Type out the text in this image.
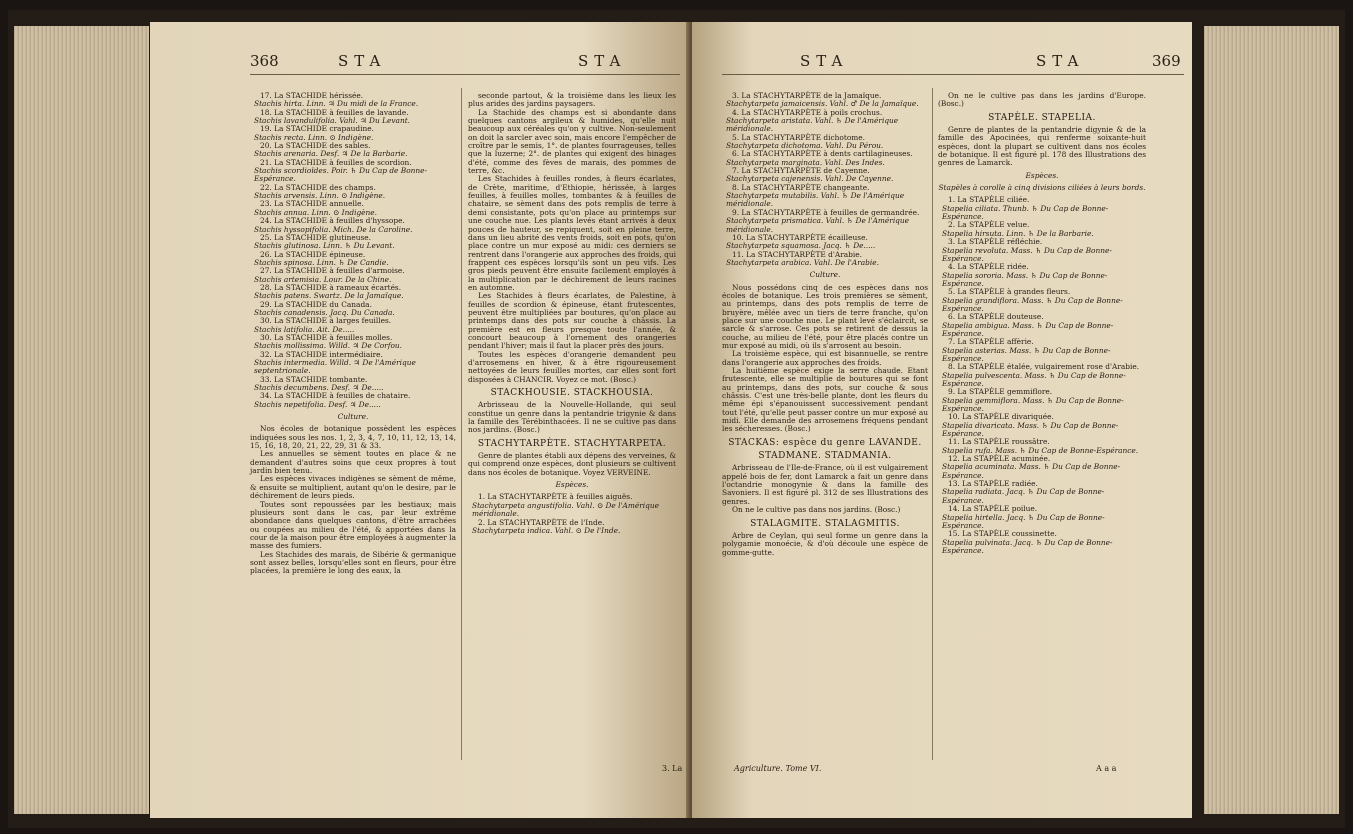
368	STA	STA

17. La STACHIDE hérissée.

Stachis hirta. Linn. ♃ Du midi de la France.

18. La STACHIDE à feuilles de lavande.

Stachis lavandulifolia. Vahl. ♃ Du Levant.

19. La STACHIDE crapaudine.

Stachis recta. Linn. ⊙ Indigène.

20. La STACHIDE des sables.

Stachis arenaria. Desf. ♃ De la Barbarie.

21. La STACHIDE à feuilles de scordion.

Stachis scordioïdes. Poir. ♄ Du Cap de Bonne-Espérance.

22. La STACHIDE des champs.

Stachis arvensis. Linn. ⊙ Indigène.

23. La STACHIDE annuelle.

Stachis annua. Linn. ⊙ Indigène.

24. La STACHIDE à feuilles d'hyssope.

Stachis hyssopifolia. Mich. De la Caroline.

25. La STACHIDE glutineuse.

Stachis glutinosa. Linn. ♄ Du Levant.

26. La STACHIDE épineuse.

Stachis spinosa. Linn. ♄ De Candie.

27. La STACHIDE à feuilles d'armoise.

Stachis artemisia. Lour. De la Chine.

28. La STACHIDE à rameaux écartés.

Stachis patens. Swartz. De la Jamaïque.

29. La STACHIDE du Canada.

Stachis canadensis. Jacq. Du Canada.

30. La STACHIDE à larges feuilles.

Stachis latifolia. Ait. De.....

30. La STACHIDE à feuilles molles.

Stachis mollissima. Willd. ♃ De Corfou.

32. La STACHIDE intermédiaire.

Stachis intermedia. Willd. ♃ De l'Amérique septentrionale.

33. La STACHIDE tombante.

Stachis decumbens. Desf. ♃ De.....

34. La STACHIDE à feuilles de chataire.

Stachis nepetifolia. Desf. ♃ De.....

Culture.

Nos écoles de botanique possèdent les espèces indiquées sous les nos. 1, 2, 3, 4, 7, 10, 11, 12, 13, 14, 15, 16, 18, 20, 21, 22, 29, 31 & 33.

Les annuelles se sèment toutes en place & ne demandent d'autres soins que ceux propres à tout jardin bien tenu.

Les espèces vivaces indigènes se sèment de même, & ensuite se multiplient, autant qu'on le desire, par le déchirement de leurs pieds.

Toutes sont repoussées par les bestiaux; mais plusieurs sont dans le cas, par leur extrême abondance dans quelques cantons, d'être arrachées ou coupées au milieu de l'été, & apportées dans la cour de la maison pour être employées à augmenter la masse des fumiers.

Les Stachides des marais, de Sibérie & germanique sont assez belles, lorsqu'elles sont en fleurs, pour être placées, la première le long des eaux, la

seconde partout, & la troisième dans les lieux les plus arides des jardins paysagers.

La Stachide des champs est si abondante dans quelques cantons argileux & humides, qu'elle nuit beaucoup aux céréales qu'on y cultive. Non-seulement on doit la sarcler avec soin, mais encore l'empêcher de croître par le semis, 1°. de plantes fourrageuses, telles que la luzerne; 2°. de plantes qui exigent des binages d'été, comme des fèves de marais, des pommes de terre, &c.

Les Stachides à feuilles rondes, à fleurs écarlates, de Crète, maritime, d'Ethiopie, hérissée, à larges feuilles, à feuilles molles, tombantes & à feuilles de chataire, se sèment dans des pots remplis de terre à demi consistante, pots qu'on place au printemps sur une couche nue. Les plants levés étant arrivés à deux pouces de hauteur, se repiquent, soit en pleine terre, dans un lieu abrité des vents froids, soit en pots, qu'on place contre un mur exposé au midi: ces derniers se rentrent dans l'orangerie aux approches des froids, qui frappent ces espèces lorsqu'ils sont un peu vifs. Les gros pieds peuvent être ensuite facilement employés à la multiplication par le déchirement de leurs racines en automne.

Les Stachides à fleurs écarlates, de Palestine, à feuilles de scordion & épineuse, étant frutescentes, peuvent être multipliées par boutures, qu'on place au printemps dans des pots sur couche à châssis. La première est en fleurs presque toute l'année, & concourt beaucoup à l'ornement des orangeries pendant l'hiver; mais il faut la placer près des jours.

Toutes les espèces d'orangerie demandent peu d'arrosemens en hiver, & à être rigoureusement nettoyées de leurs feuilles mortes, car elles sont fort disposées à CHANCIR. Voyez ce mot. (Bosc.)

STACKHOUSIE. STACKHOUSIA.

Arbrisseau de la Nouvelle-Hollande, qui seul constitue un genre dans la pentandrie trigynie & dans la famille des Térébinthacées. Il ne se cultive pas dans nos jardins. (Bosc.)

STACHYTARPÈTE. STACHYTARPETA.

Genre de plantes établi aux dépens des verveines, & qui comprend onze espèces, dont plusieurs se cultivent dans nos écoles de botanique. Voyez VERVEINE.

Espèces.

1. La STACHYTARPÈTE à feuilles aiguës.

Stachytarpeta angustifolia. Vahl. ⊙ De l'Amérique méridionale.

2. La STACHYTARPÈTE de l'Inde.

Stachytarpeta indica. Vahl. ⊙ De l'Inde.

3. La
STA	STA	369

3. La STACHYTARPÈTE de la Jamaïque.

Stachytarpeta jamaicensis. Vahl. ♂ De la Jamaïque.

4. La STACHYTARPÈTE à poils crochus.

Stachytarpeta aristata. Vahl. ♄ De l'Amérique méridionale.

5. La STACHYTARPÈTE dichotome.

Stachytarpeta dichotoma. Vahl. Du Pérou.

6. La STACHYTARPÈTE à dents cartilagineuses.

Stachytarpeta marginata. Vahl. Des Indes.

7. La STACHYTARPÈTE de Cayenne.

Stachytarpeta cajenensis. Vahl. De Cayenne.

8. La STACHYTARPÈTE changeante.

Stachytarpeta mutabilis. Vahl. ♄ De l'Amérique méridionale.

9. La STACHYTARPÈTE à feuilles de germandrée.

Stachytarpeta prismatica. Vahl. ♄ De l'Amérique méridionale.

10. La STACHYTARPÈTE écailleuse.

Stachytarpeta squamosa. Jacq. ♄ De.....

11. La STACHYTARPÈTE d'Arabie.

Stachytarpeta arabica. Vahl. De l'Arabie.

Culture.

Nous possédons cinq de ces espèces dans nos écoles de botanique. Les trois premières se sèment, au printemps, dans des pots remplis de terre de bruyère, mêlée avec un tiers de terre franche, qu'on place sur une couche nue. Le plant levé s'éclaircit, se sarcle & s'arrose. Ces pots se retirent de dessus la couche, au milieu de l'été, pour être placés contre un mur exposé au midi, où ils s'arrosent au besoin.

La troisième espèce, qui est bisannuelle, se rentre dans l'orangerie aux approches des froids.

La huitième espèce exige la serre chaude. Etant frutescente, elle se multiplie de boutures qui se font au printemps, dans des pots, sur couche & sous châssis. C'est une très-belle plante, dont les fleurs du même épi s'épanouissent successivement pendant tout l'été, qu'elle peut passer contre un mur exposé au midi. Elle demande des arrosemens fréquens pendant les sécheresses. (Bosc.)

STACKAS: espèce du genre LAVANDE.

STADMANE. STADMANIA.

Arbrisseau de l'Ile-de-France, où il est vulgairement appelé bois de fer, dont Lamarck a fait un genre dans l'octandrie monogynie & dans la famille des Savoniers. Il est figuré pl. 312 de ses Illustrations des genres.

On ne le cultive pas dans nos jardins. (Bosc.)

STALAGMITE. STALAGMITIS.

Arbre de Ceylan, qui seul forme un genre dans la polygamie monoécie, & d'où découle une espèce de gomme-gutte.

On ne le cultive pas dans les jardins d'Europe. (Bosc.)

STAPÈLE. STAPELIA.

Genre de plantes de la pentandrie digynie & de la famille des Apocinées, qui renferme soixante-huit espèces, dont la plupart se cultivent dans nos écoles de botanique. Il est figuré pl. 178 des Illustrations des genres de Lamarck.

Espèces.

Stapèles à corolle à cinq divisions ciliées à leurs bords.

1. La STAPÈLE ciliée.

Stapelia ciliata. Thunb. ♄ Du Cap de Bonne-Espérance.

2. La STAPÈLE velue.

Stapelia hirsuta. Linn. ♄ De la Barbarie.

3. La STAPÈLE réfléchie.

Stapelia revoluta. Mass. ♄ Du Cap de Bonne-Espérance.

4. La STAPÈLE ridée.

Stapelia sororia. Mass. ♄ Du Cap de Bonne-Espérance.

5. La STAPÈLE à grandes fleurs.

Stapelia grandiflora. Mass. ♄ Du Cap de Bonne-Espérance.

6. La STAPÈLE douteuse.

Stapelia ambigua. Mass. ♄ Du Cap de Bonne-Espérance.

7. La STAPÈLE affèrie.

Stapelia asterias. Mass. ♄ Du Cap de Bonne-Espérance.

8. La STAPÈLE étalée, vulgairement rose d'Arabie.

Stapelia pulvescenta. Mass. ♄ Du Cap de Bonne-Espérance.

9. La STAPÈLE gemmiflore.

Stapelia gemmiflora. Mass. ♄ Du Cap de Bonne-Espérance.

10. La STAPÈLE divariquée.

Stapelia divaricata. Mass. ♄ Du Cap de Bonne-Espérance.

11. La STAPÈLE roussâtre.

Stapelia rufa. Mass. ♄ Du Cap de Bonne-Espérance.

12. La STAPÈLE acuminée.

Stapelia acuminata. Mass. ♄ Du Cap de Bonne-Espérance.

13. La STAPÈLE radiée.

Stapelia radiata. Jacq. ♄ Du Cap de Bonne-Espérance.

14. La STAPÈLE poilue.

Stapelia hirtella. Jacq. ♄ Du Cap de Bonne-Espérance.

15. La STAPÈLE coussinette.

Stapelia pulvinata. Jacq. ♄ Du Cap de Bonne-Espérance.

Agriculture. Tome VI.	A a a
